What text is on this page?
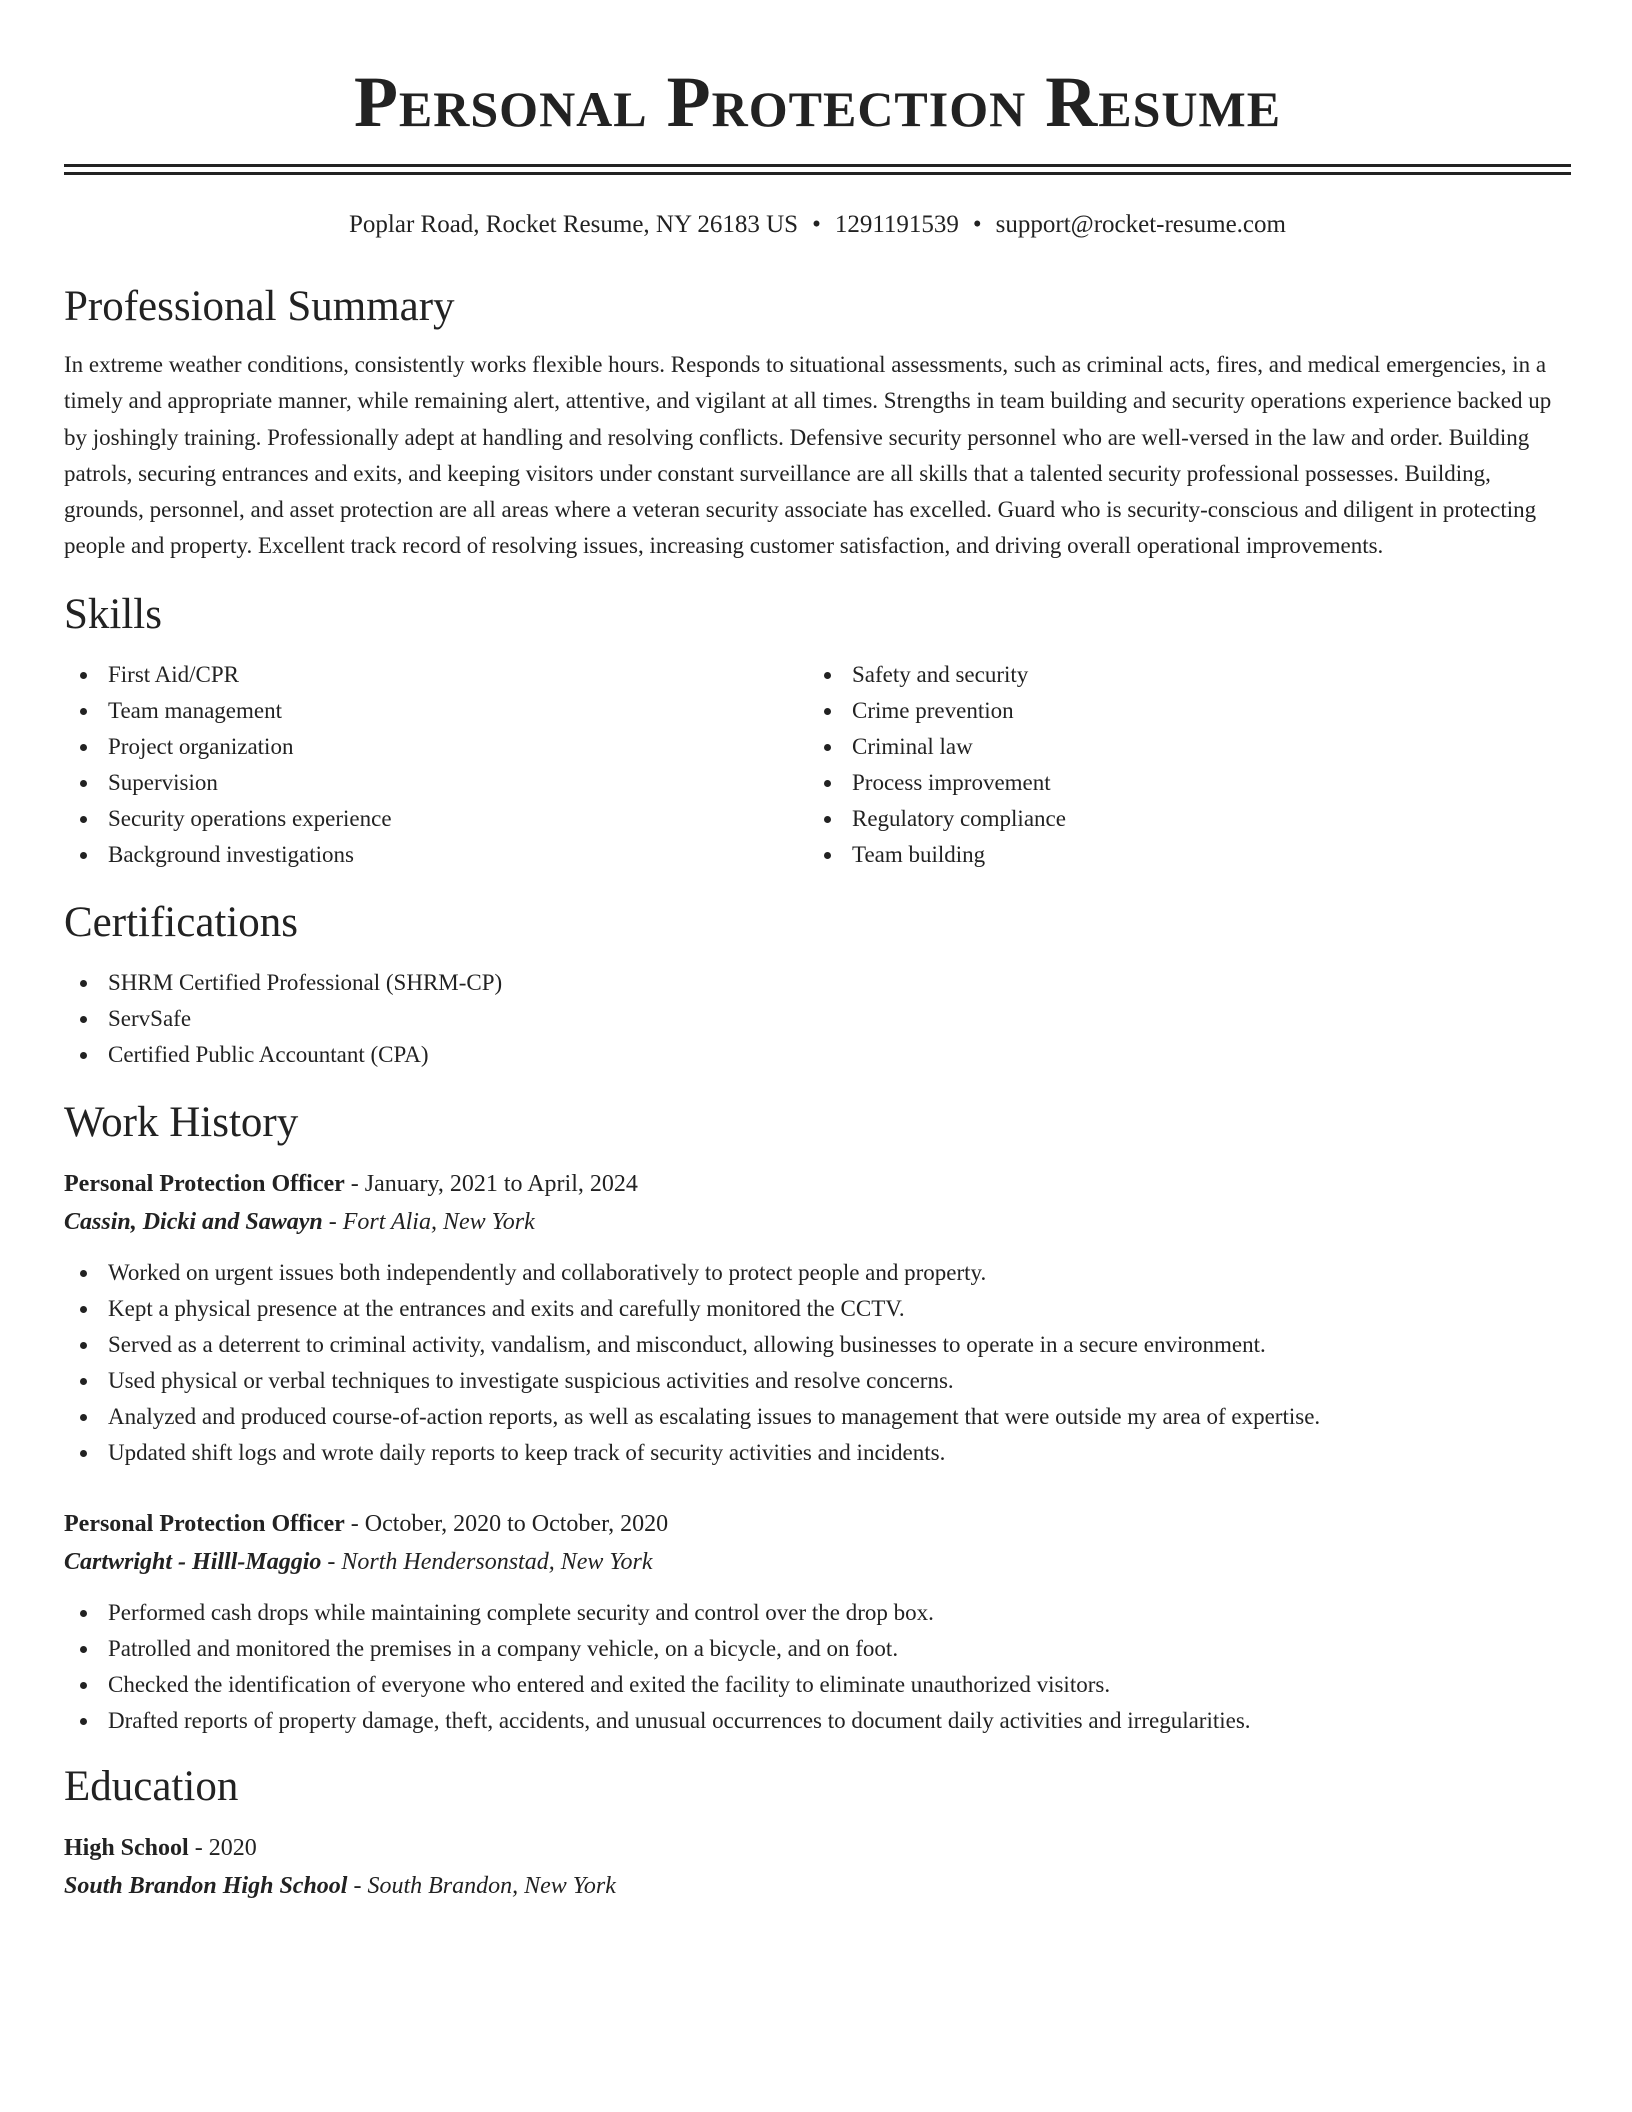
Personal Protection Resume
Poplar Road, Rocket Resume, NY 26183 US • 1291191539 • support@rocket-resume.com
Professional Summary
In extreme weather conditions, consistently works flexible hours. Responds to situational assessments, such as criminal acts, fires, and medical emergencies, in a timely and appropriate manner, while remaining alert, attentive, and vigilant at all times. Strengths in team building and security operations experience backed up by joshingly training. Professionally adept at handling and resolving conflicts. Defensive security personnel who are well-versed in the law and order. Building patrols, securing entrances and exits, and keeping visitors under constant surveillance are all skills that a talented security professional possesses. Building, grounds, personnel, and asset protection are all areas where a veteran security associate has excelled. Guard who is security-conscious and diligent in protecting people and property. Excellent track record of resolving issues, increasing customer satisfaction, and driving overall operational improvements.
Skills
First Aid/CPR
Team management
Project organization
Supervision
Security operations experience
Background investigations
Safety and security
Crime prevention
Criminal law
Process improvement
Regulatory compliance
Team building
Certifications
SHRM Certified Professional (SHRM-CP)
ServSafe
Certified Public Accountant (CPA)
Work History
Personal Protection Officer - January, 2021 to April, 2024
Cassin, Dicki and Sawayn - Fort Alia, New York
Worked on urgent issues both independently and collaboratively to protect people and property.
Kept a physical presence at the entrances and exits and carefully monitored the CCTV.
Served as a deterrent to criminal activity, vandalism, and misconduct, allowing businesses to operate in a secure environment.
Used physical or verbal techniques to investigate suspicious activities and resolve concerns.
Analyzed and produced course-of-action reports, as well as escalating issues to management that were outside my area of expertise.
Updated shift logs and wrote daily reports to keep track of security activities and incidents.
Personal Protection Officer - October, 2020 to October, 2020
Cartwright - Hilll-Maggio - North Hendersonstad, New York
Performed cash drops while maintaining complete security and control over the drop box.
Patrolled and monitored the premises in a company vehicle, on a bicycle, and on foot.
Checked the identification of everyone who entered and exited the facility to eliminate unauthorized visitors.
Drafted reports of property damage, theft, accidents, and unusual occurrences to document daily activities and irregularities.
Education
High School - 2020
South Brandon High School - South Brandon, New York
